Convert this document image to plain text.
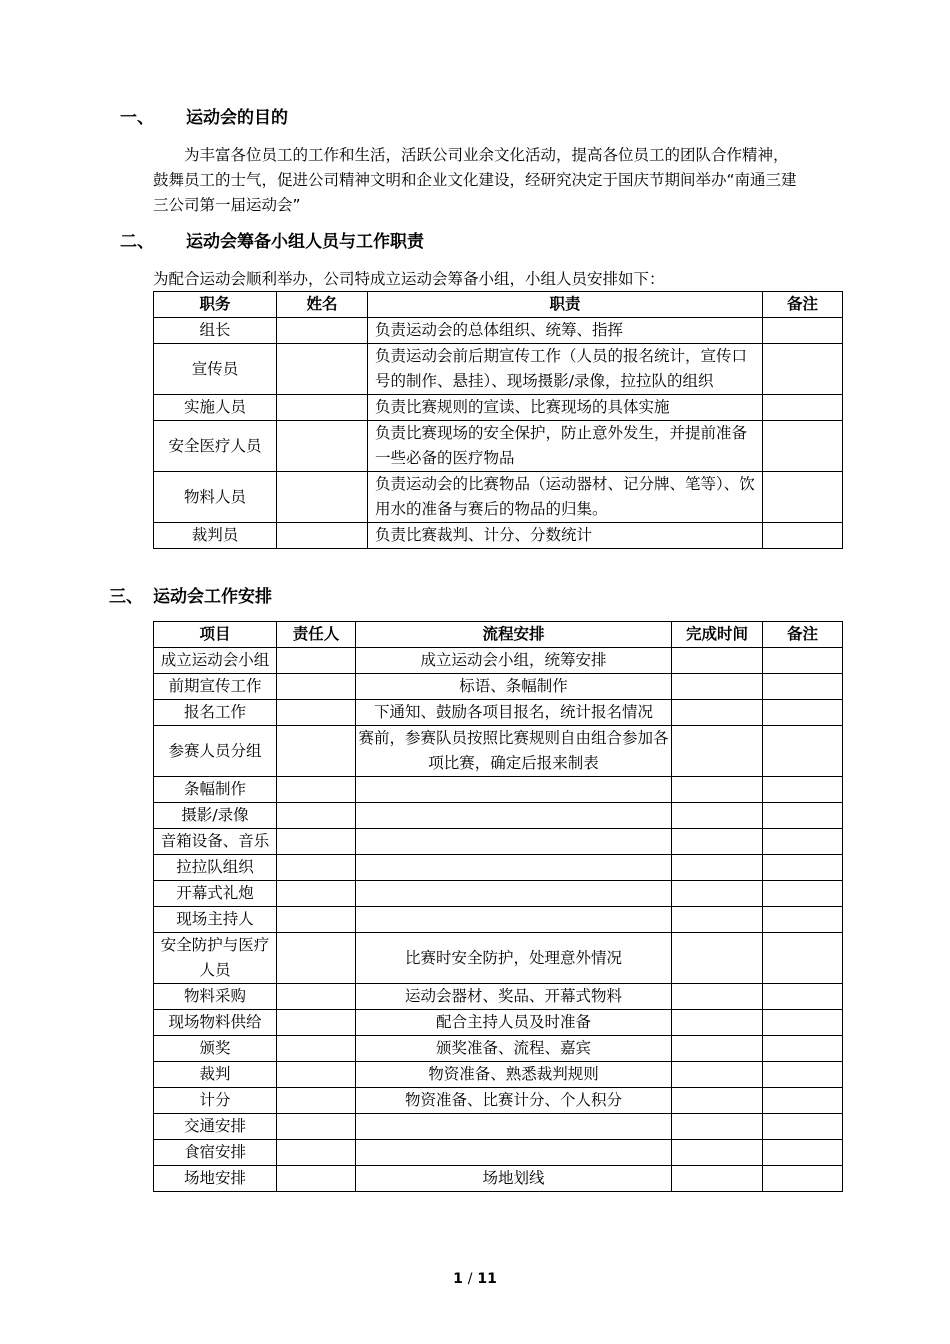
一、 运动会的目的
　　为丰富各位员工的工作和生活，活跃公司业余文化活动，提高各位员工的团队合作精神，
鼓舞员工的士气，促进公司精神文明和企业文化建设，经研究决定于国庆节期间举办“南通三建
三公司第一届运动会”
二、 运动会筹备小组人员与工作职责
为配合运动会顺利举办，公司特成立运动会筹备小组，小组人员安排如下：
职务	姓名	职责	备注
组长		负责运动会的总体组织、统筹、指挥	
宣传员		负责运动会前后期宣传工作（人员的报名统计，宣传口号的制作、悬挂）、现场摄影/录像，拉拉队的组织	
实施人员		负责比赛规则的宣读、比赛现场的具体实施	
安全医疗人员		负责比赛现场的安全保护，防止意外发生，并提前准备一些必备的医疗物品	
物料人员		负责运动会的比赛物品（运动器材、记分牌、笔等）、饮用水的准备与赛后的物品的归集。	
裁判员		负责比赛裁判、计分、分数统计	
三、 运动会工作安排
项目	责任人	流程安排	完成时间	备注
成立运动会小组		成立运动会小组，统筹安排		
前期宣传工作		标语、条幅制作		
报名工作		下通知、鼓励各项目报名，统计报名情况		
参赛人员分组		赛前，参赛队员按照比赛规则自由组合参加各项比赛，确定后报来制表		
条幅制作				
摄影/录像				
音箱设备、音乐				
拉拉队组织				
开幕式礼炮				
现场主持人				
安全防护与医疗人员		比赛时安全防护，处理意外情况		
物料采购		运动会器材、奖品、开幕式物料		
现场物料供给		配合主持人员及时准备		
颁奖		颁奖准备、流程、嘉宾		
裁判		物资准备、熟悉裁判规则		
计分		物资准备、比赛计分、个人积分		
交通安排				
食宿安排				
场地安排		场地划线		
1 / 11
